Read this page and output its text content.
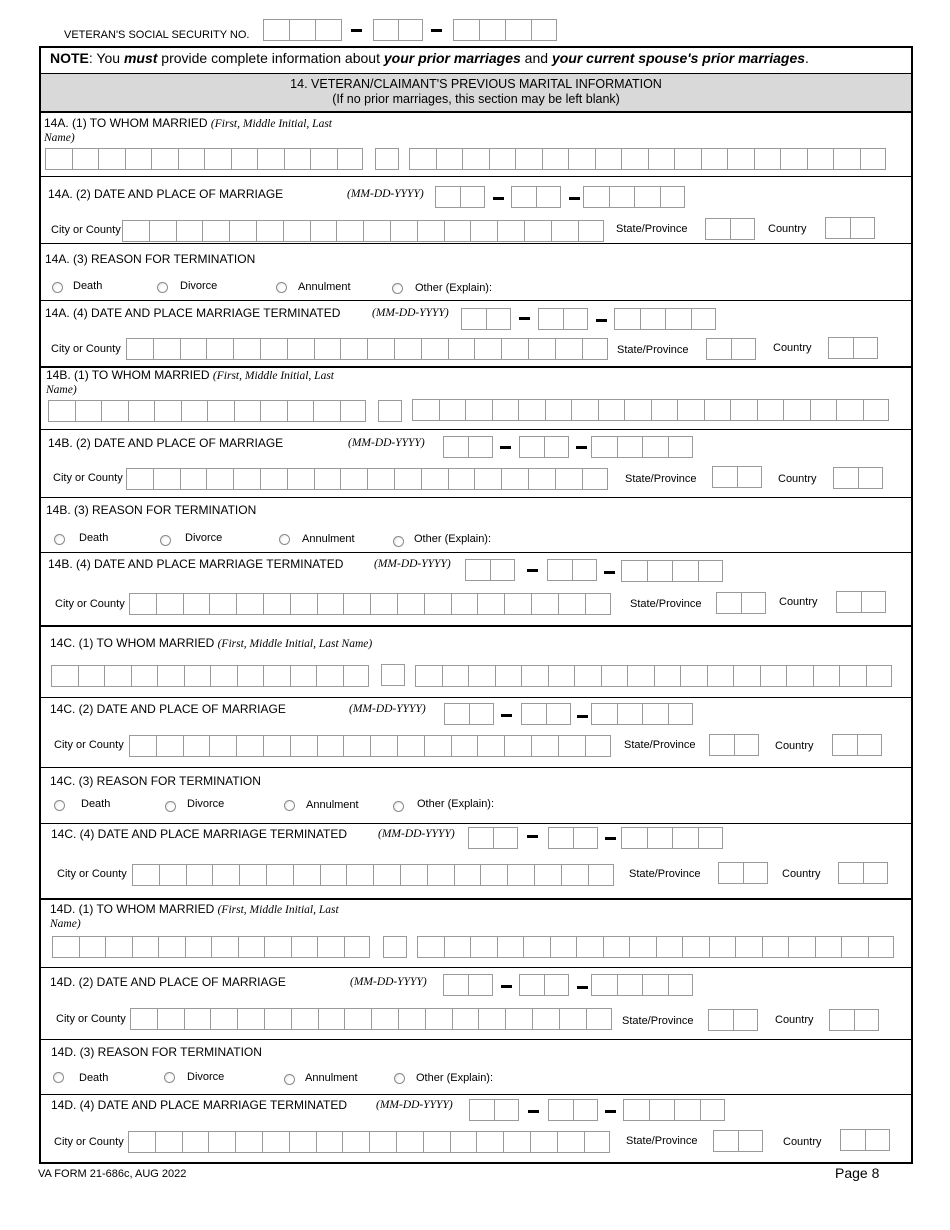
VETERAN'S SOCIAL SECURITY NO.
NOTE: You must provide complete information about your prior marriages and your current spouse's prior marriages.
14. VETERAN/CLAIMANT'S PREVIOUS MARITAL INFORMATION
(If no prior marriages, this section may be left blank)
14A. (1) TO WHOM MARRIED (First, Middle Initial, Last
Name)
14A. (2) DATE AND PLACE OF MARRIAGE	(MM-DD-YYYY)
City or County	State/Province	Country
14A. (3) REASON FOR TERMINATION
Death	Divorce	Annulment	Other (Explain):
14A. (4) DATE AND PLACE MARRIAGE TERMINATED	(MM-DD-YYYY)
City or County	State/Province	Country
14B. (1) TO WHOM MARRIED (First, Middle Initial, Last
Name)
14B. (2) DATE AND PLACE OF MARRIAGE	(MM-DD-YYYY)
City or County	State/Province	Country
14B. (3) REASON FOR TERMINATION
Death	Divorce	Annulment	Other (Explain):
14B. (4) DATE AND PLACE MARRIAGE TERMINATED	(MM-DD-YYYY)
City or County	State/Province	Country
14C. (1) TO WHOM MARRIED (First, Middle Initial, Last Name)
14C. (2) DATE AND PLACE OF MARRIAGE	(MM-DD-YYYY)
City or County	State/Province	Country
14C. (3) REASON FOR TERMINATION
Death	Divorce	Annulment	Other (Explain):
14C. (4) DATE AND PLACE MARRIAGE TERMINATED	(MM-DD-YYYY)
City or County	State/Province	Country
14D. (1) TO WHOM MARRIED (First, Middle Initial, Last
Name)
14D. (2) DATE AND PLACE OF MARRIAGE	(MM-DD-YYYY)
City or County	State/Province	Country
14D. (3) REASON FOR TERMINATION
Death	Divorce	Annulment	Other (Explain):
14D. (4) DATE AND PLACE MARRIAGE TERMINATED	(MM-DD-YYYY)
City or County	State/Province	Country
VA FORM 21-686c, AUG 2022	Page 8
